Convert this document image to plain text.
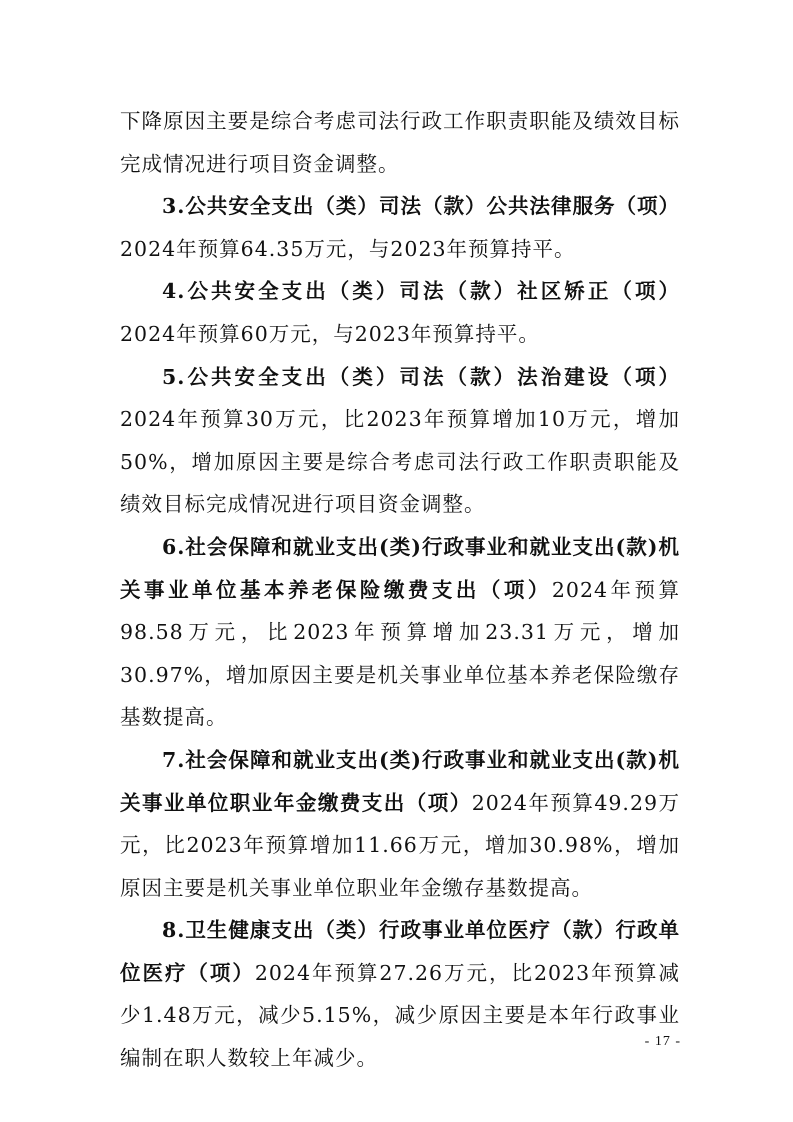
下降原因主要是综合考虑司法行政工作职责职能及绩效目标完成情况进行项目资金调整。

3.公共安全支出（类）司法（款）公共法律服务（项）2024年预算64.35万元，与2023年预算持平。

4.公共安全支出（类）司法（款）社区矫正（项）2024年预算60万元，与2023年预算持平。

5.公共安全支出（类）司法（款）法治建设（项）2024年预算30万元，比2023年预算增加10万元，增加50%，增加原因主要是综合考虑司法行政工作职责职能及绩效目标完成情况进行项目资金调整。

6.社会保障和就业支出(类)行政事业和就业支出(款)机关事业单位基本养老保险缴费支出（项）2024年预算98.58万元，比2023年预算增加23.31万元，增加30.97%，增加原因主要是机关事业单位基本养老保险缴存基数提高。

7.社会保障和就业支出(类)行政事业和就业支出(款)机关事业单位职业年金缴费支出（项）2024年预算49.29万元，比2023年预算增加11.66万元，增加30.98%，增加原因主要是机关事业单位职业年金缴存基数提高。

8.卫生健康支出（类）行政事业单位医疗（款）行政单位医疗（项）2024年预算27.26万元，比2023年预算减少1.48万元，减少5.15%，减少原因主要是本年行政事业编制在职人数较上年减少。

- 17 -
